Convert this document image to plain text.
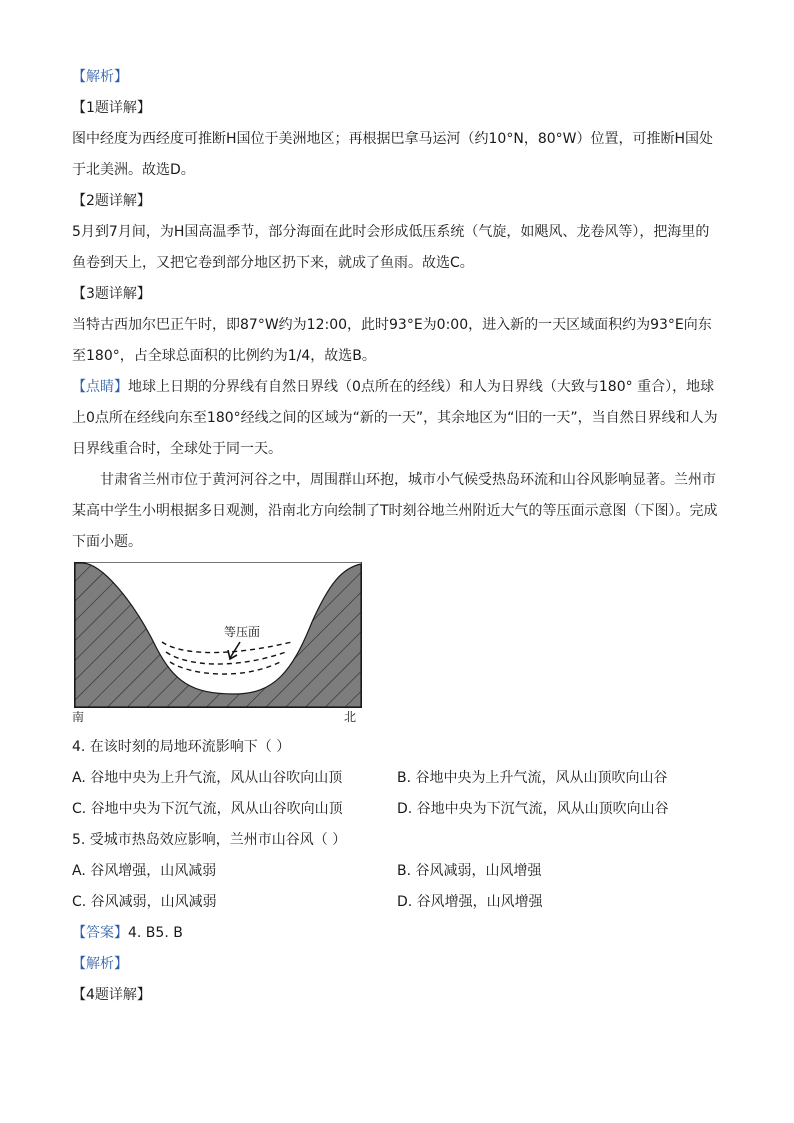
【解析】
【1题详解】
图中经度为西经度可推断H国位于美洲地区；再根据巴拿马运河（约10°N，80°W）位置，可推断H国处于北美洲。故选D。
【2题详解】
5月到7月间，为H国高温季节，部分海面在此时会形成低压系统（气旋，如飓风、龙卷风等），把海里的鱼卷到天上，又把它卷到部分地区扔下来，就成了鱼雨。故选C。
【3题详解】
当特古西加尔巴正午时，即87°W约为12:00，此时93°E为0:00，进入新的一天区域面积约为93°E向东至180°，占全球总面积的比例约为1/4，故选B。
【点睛】地球上日期的分界线有自然日界线（0点所在的经线）和人为日界线（大致与180° 重合），地球上0点所在经线向东至180°经线之间的区域为“新的一天”，其余地区为“旧的一天”，当自然日界线和人为日界线重合时，全球处于同一天。
甘肃省兰州市位于黄河河谷之中，周围群山环抱，城市小气候受热岛环流和山谷风影响显著。兰州市某高中学生小明根据多日观测，沿南北方向绘制了T时刻谷地兰州附近大气的等压面示意图（下图）。完成下面小题。
等压面
南	北
4. 在该时刻的局地环流影响下（ ）
A. 谷地中央为上升气流，风从山谷吹向山顶	B. 谷地中央为上升气流，风从山顶吹向山谷
C. 谷地中央为下沉气流，风从山谷吹向山顶	D. 谷地中央为下沉气流，风从山顶吹向山谷
5. 受城市热岛效应影响，兰州市山谷风（ ）
A. 谷风增强，山风减弱	B. 谷风减弱，山风增强
C. 谷风减弱，山风减弱	D. 谷风增强，山风增强
【答案】4. B5. B
【解析】
【4题详解】
